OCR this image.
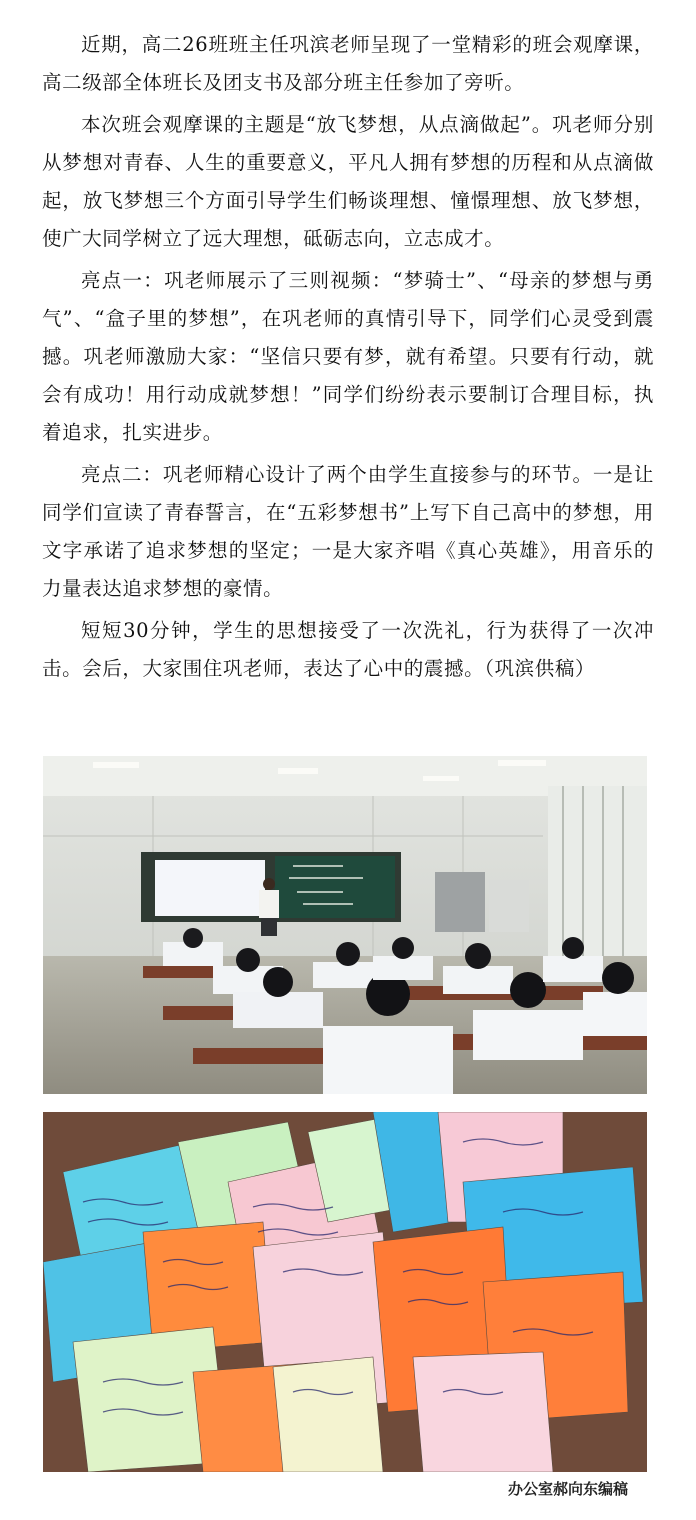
近期，高二26班班主任巩滨老师呈现了一堂精彩的班会观摩课，高二级部全体班长及团支书及部分班主任参加了旁听。

本次班会观摩课的主题是“放飞梦想，从点滴做起”。巩老师分别从梦想对青春、人生的重要意义，平凡人拥有梦想的历程和从点滴做起，放飞梦想三个方面引导学生们畅谈理想、憧憬理想、放飞梦想，使广大同学树立了远大理想，砥砺志向，立志成才。

亮点一：巩老师展示了三则视频：“梦骑士”、“母亲的梦想与勇气”、“盒子里的梦想”，在巩老师的真情引导下，同学们心灵受到震撼。巩老师激励大家：“坚信只要有梦，就有希望。只要有行动，就会有成功！用行动成就梦想！”同学们纷纷表示要制订合理目标，执着追求，扎实进步。

亮点二：巩老师精心设计了两个由学生直接参与的环节。一是让同学们宣读了青春誓言，在“五彩梦想书”上写下自己高中的梦想，用文字承诺了追求梦想的坚定；一是大家齐唱《真心英雄》，用音乐的力量表达追求梦想的豪情。

短短30分钟，学生的思想接受了一次洗礼，行为获得了一次冲击。会后，大家围住巩老师，表达了心中的震撼。（巩滨供稿）

办公室郝向东编稿
